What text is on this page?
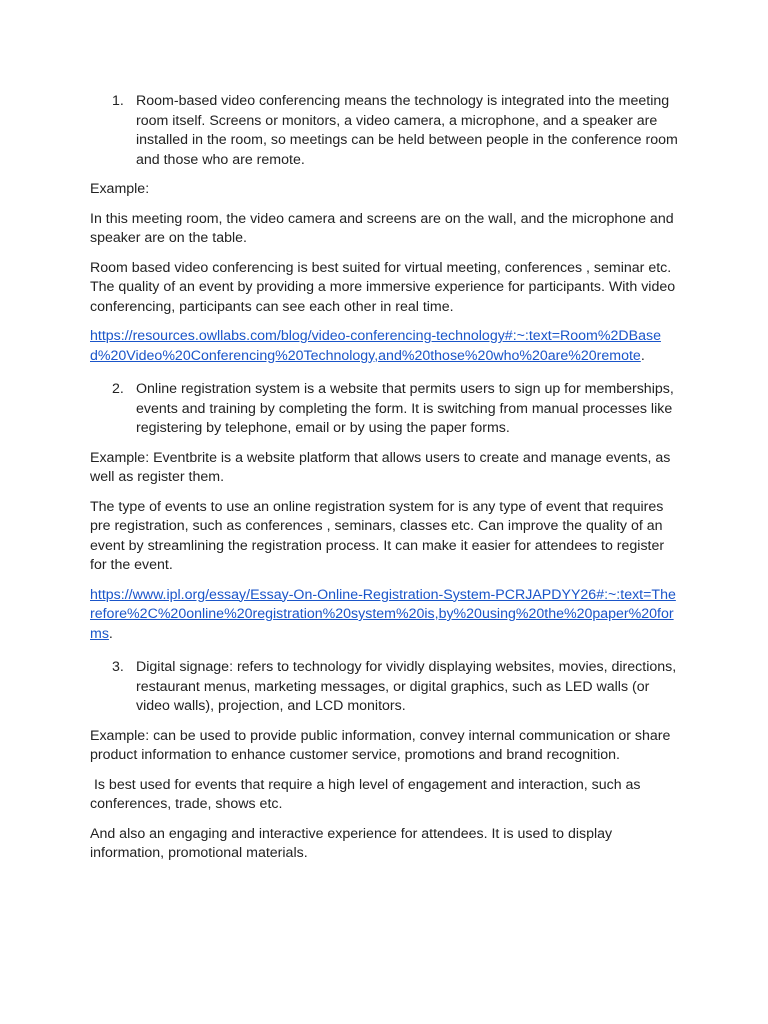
1. Room-based video conferencing means the technology is integrated into the meeting room itself. Screens or monitors, a video camera, a microphone, and a speaker are installed in the room, so meetings can be held between people in the conference room and those who are remote.

Example:

In this meeting room, the video camera and screens are on the wall, and the microphone and speaker are on the table.

Room based video conferencing is best suited for virtual meeting, conferences , seminar etc. The quality of an event by providing a more immersive experience for participants. With video conferencing, participants can see each other in real time.

https://resources.owllabs.com/blog/video-conferencing-technology#:~:text=Room%2DBased%20Video%20Conferencing%20Technology,and%20those%20who%20are%20remote.

2. Online registration system is a website that permits users to sign up for memberships, events and training by completing the form. It is switching from manual processes like registering by telephone, email or by using the paper forms.

Example: Eventbrite is a website platform that allows users to create and manage events, as well as register them.

The type of events to use an online registration system for is any type of event that requires pre registration, such as conferences , seminars, classes etc. Can improve the quality of an event by streamlining the registration process. It can make it easier for attendees to register for the event.

https://www.ipl.org/essay/Essay-On-Online-Registration-System-PCRJAPDYY26#:~:text=Therefore%2C%20online%20registration%20system%20is,by%20using%20the%20paper%20forms.

3. Digital signage: refers to technology for vividly displaying websites, movies, directions, restaurant menus, marketing messages, or digital graphics, such as LED walls (or video walls), projection, and LCD monitors.

Example: can be used to provide public information, convey internal communication or share product information to enhance customer service, promotions and brand recognition.

Is best used for events that require a high level of engagement and interaction, such as conferences, trade, shows etc.

And also an engaging and interactive experience for attendees. It is used to display information, promotional materials.
